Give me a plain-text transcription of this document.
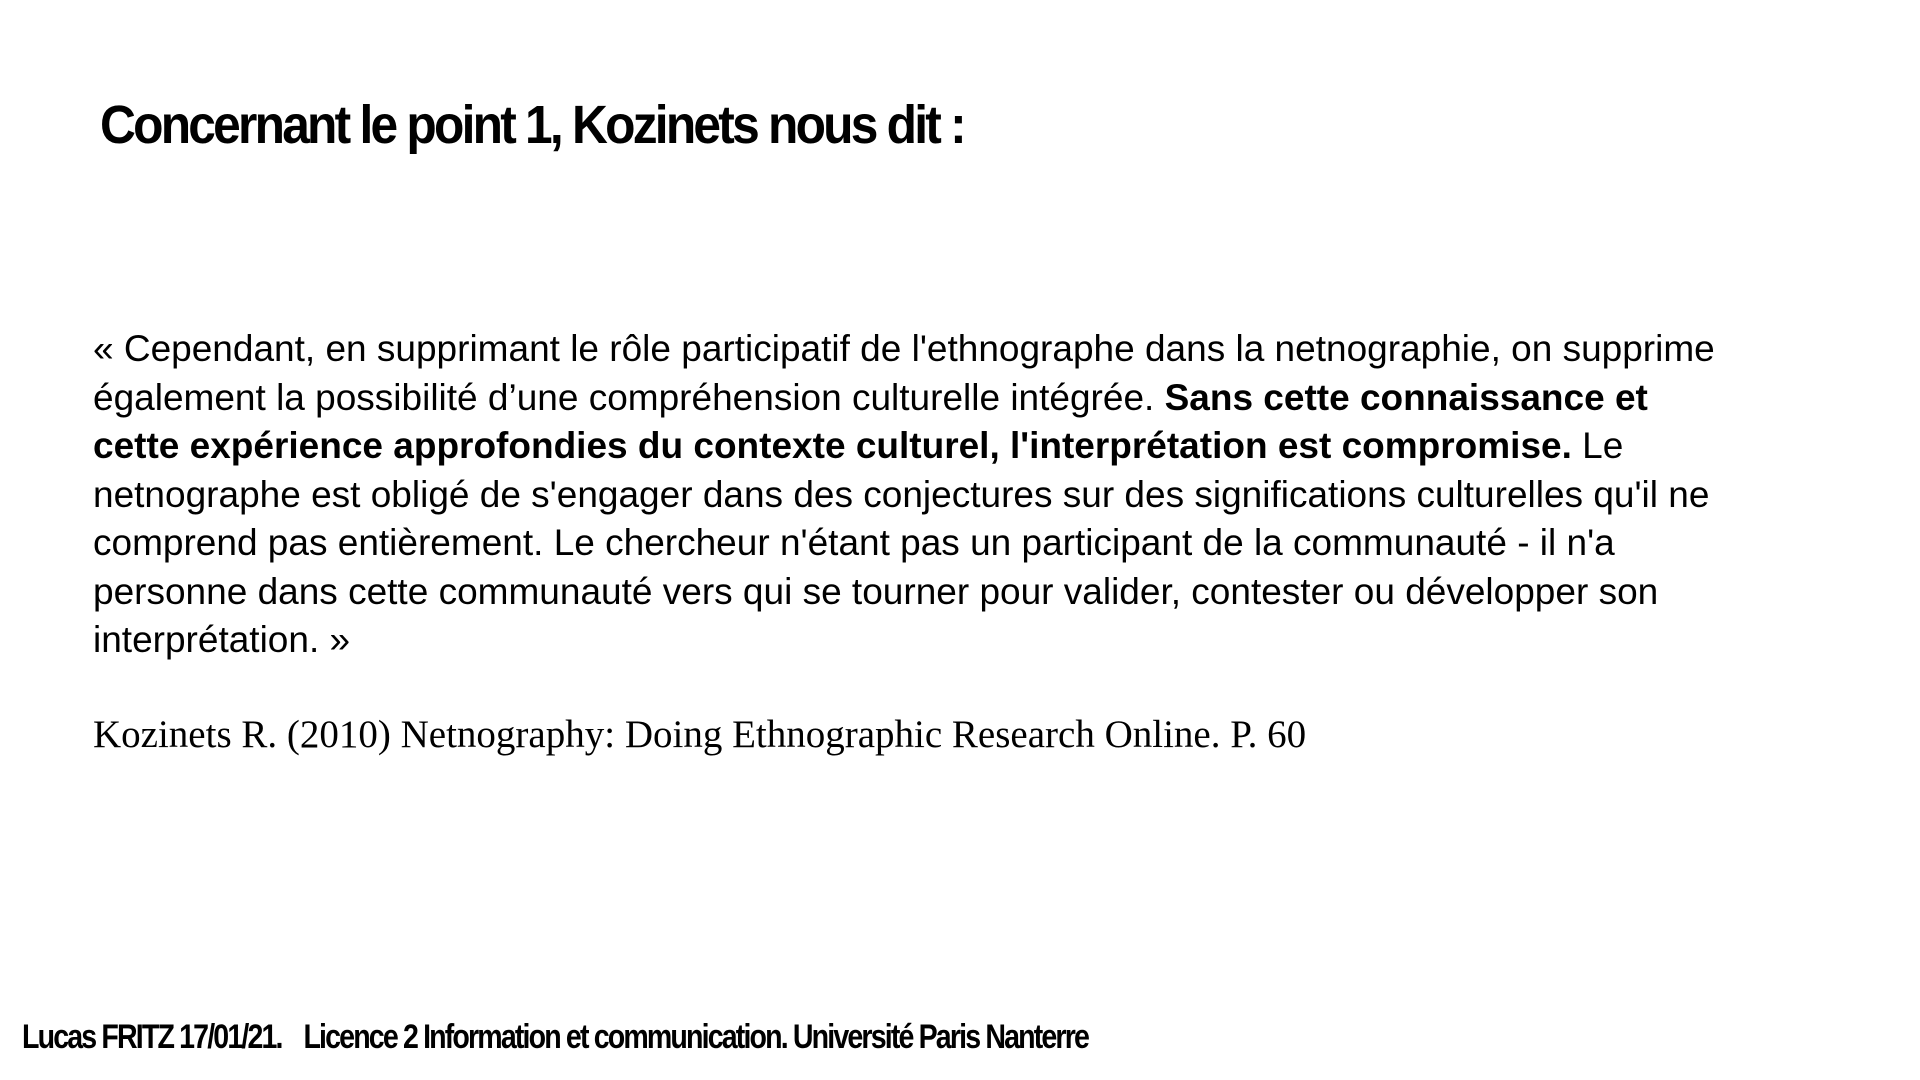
Concernant le point 1, Kozinets nous dit :

« Cependant, en supprimant le rôle participatif de l'ethnographe dans la netnographie, on supprime également la possibilité d’une compréhension culturelle intégrée. Sans cette connaissance et cette expérience approfondies du contexte culturel, l'interprétation est compromise. Le netnographe est obligé de s'engager dans des conjectures sur des significations culturelles qu'il ne comprend pas entièrement. Le chercheur n'étant pas un participant de la communauté - il n'a personne dans cette communauté vers qui se tourner pour valider, contester ou développer son interprétation. »

Kozinets R. (2010) Netnography: Doing Ethnographic Research Online. P. 60

Lucas FRITZ 17/01/21. Licence 2 Information et communication. Université Paris Nanterre
